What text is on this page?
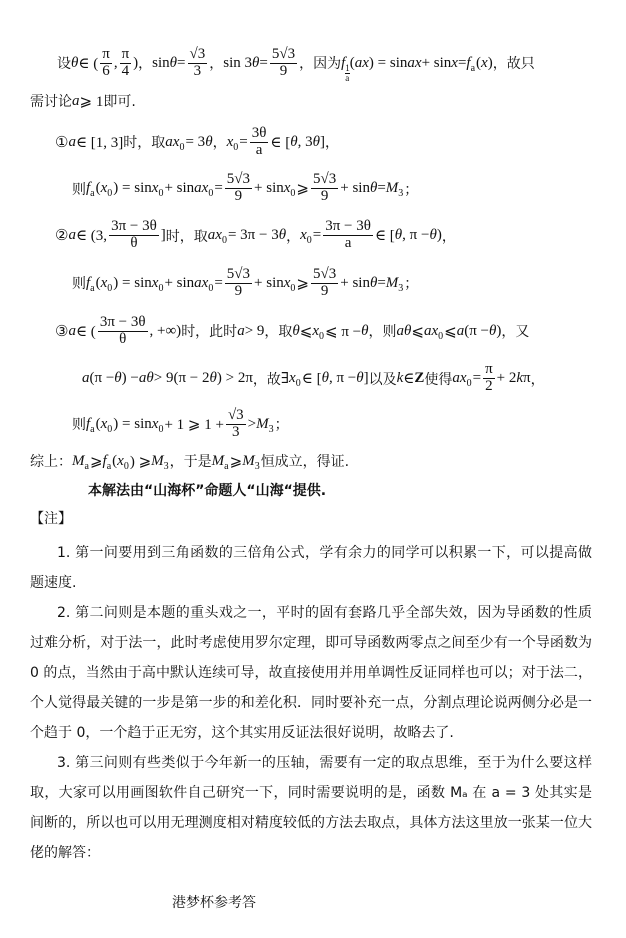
设 θ ∈ ( $\frac{\pi}{6}$ , $\frac{\pi}{4}$ ) ， $\sin \theta = \frac{√3}{3}$ ， sin 3 $\theta = \frac{5√3}{9}$ ，因为 f
$\frac{1}{a}$
( ax ) = sin ax + sin x = f a ( x ) ，故只
需讨论 a ⩾ 1 即可.
① a ∈ [1, 3] 时，取 ax 0 = 3 θ ， x $0 = \frac{3\theta}{a}$ ∈ [ θ , 3 θ ] ，
则 f a ( x 0 ) = sin x 0 + sin ax $0 = \frac{5√3}{9} + \sin x$ 0 ⩾ $\frac{5√3}{9} + \sin \theta = M$ 3 ；
② a ∈ (3, $\frac{3\pi - 3\theta}{\theta}$ ] 时，取 ax 0 = 3π − 3 θ ， x $0 = \frac{3\pi - 3\theta}{a}$ ∈ [ θ , π − θ ) ，
则 f a ( x 0 ) = sin x 0 + sin ax $0 = \frac{5√3}{9} + \sin x$ 0 ⩾ $\frac{5√3}{9} + \sin \theta = M$ 3 ；
③ a ∈ ( $\frac{3\pi - 3\theta}{\theta}$ , +∞) 时，此时 a > 9 ，取 θ ⩽ x 0 ⩽ π − θ ，则 aθ ⩽ ax 0 ⩽ a (π − θ ) ，又
a (π − θ ) − aθ > 9(π − 2 θ ) > 2π ，故 ∃ x 0 ∈ [ θ , π − θ ] 以及 k ∈ Z 使得 ax $0 = \frac{\pi}{2} + 2$ k π ，
则 f a ( x 0 ) = sin x 0 + 1 ⩾ $1 + \frac{√3}{3} > M$ 3 ；
综上： M a ⩾ f a ( x 0 ) ⩾ M 3 ，于是 M a ⩾ M 3 恒成立，得证.
本解法由“山海杯”命题人“山海“提供.
【注】
1. 第一问要用到三角函数的三倍角公式，学有余力的同学可以积累一下，可以提高做题速度.
2. 第二问则是本题的重头戏之一，平时的固有套路几乎全部失效，因为导函数的性质过难分析，对于法一，此时考虑使用罗尔定理，即可导函数两零点之间至少有一个导函数为 0 的点，当然由于高中默认连续可导，故直接使用并用单调性反证同样也可以；对于法二，个人觉得最关键的一步是第一步的和差化积．同时要补充一点，分割点理论说两侧分必是一个趋于 0，一个趋于正无穷，这个其实用反证法很好说明，故略去了.
3. 第三问则有些类似于今年新一的压轴，需要有一定的取点思维，至于为什么要这样取，大家可以用画图软件自己研究一下，同时需要说明的是，函数 Mₐ 在 a = 3 处其实是间断的，所以也可以用无理测度相对精度较低的方法去取点，具体方法这里放一张某一位大佬的解答：
港梦杯参考答
